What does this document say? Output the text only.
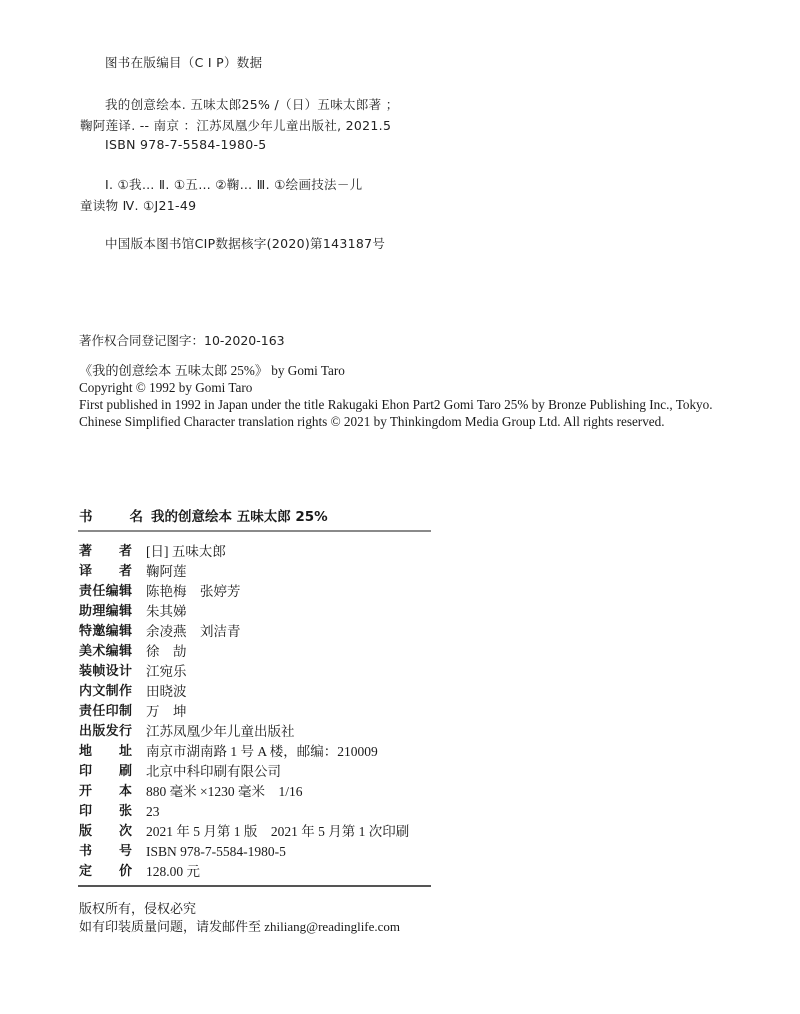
图书在版编目（C I P）数据
我的创意绘本. 五味太郎25% /（日）五味太郎著 ；
鞠阿莲译. -- 南京 ：江苏凤凰少年儿童出版社, 2021.5
ISBN 978-7-5584-1980-5
Ⅰ. ①我… Ⅱ. ①五… ②鞠… Ⅲ. ①绘画技法－儿
童读物 Ⅳ. ①J21-49
中国版本图书馆CIP数据核字(2020)第143187号
著作权合同登记图字：10-2020-163
《我的创意绘本 五味太郎 25%》 by Gomi Taro
Copyright © 1992 by Gomi Taro
First published in 1992 in Japan under the title Rakugaki Ehon Part2 Gomi Taro 25% by Bronze Publishing Inc., Tokyo.
Chinese Simplified Character translation rights © 2021 by Thinkingdom Media Group Ltd. All rights reserved.
书名 我的创意绘本 五味太郎 25%
著者 [日] 五味太郎
译者 鞠阿莲
责任编辑 陈艳梅　张婷芳
助理编辑 朱其娣
特邀编辑 余凌燕　刘洁青
美术编辑 徐　劼
装帧设计 江宛乐
内文制作 田晓波
责任印制 万　坤
出版发行 江苏凤凰少年儿童出版社
地址 南京市湖南路 1 号 A 楼，邮编：210009
印刷 北京中科印刷有限公司
开本 880 毫米 ×1230 毫米　1/16
印张 23
版次 2021 年 5 月第 1 版　2021 年 5 月第 1 次印刷
书号 ISBN 978-7-5584-1980-5
定价 128.00 元
版权所有，侵权必究
如有印装质量问题，请发邮件至 zhiliang@readinglife.com
